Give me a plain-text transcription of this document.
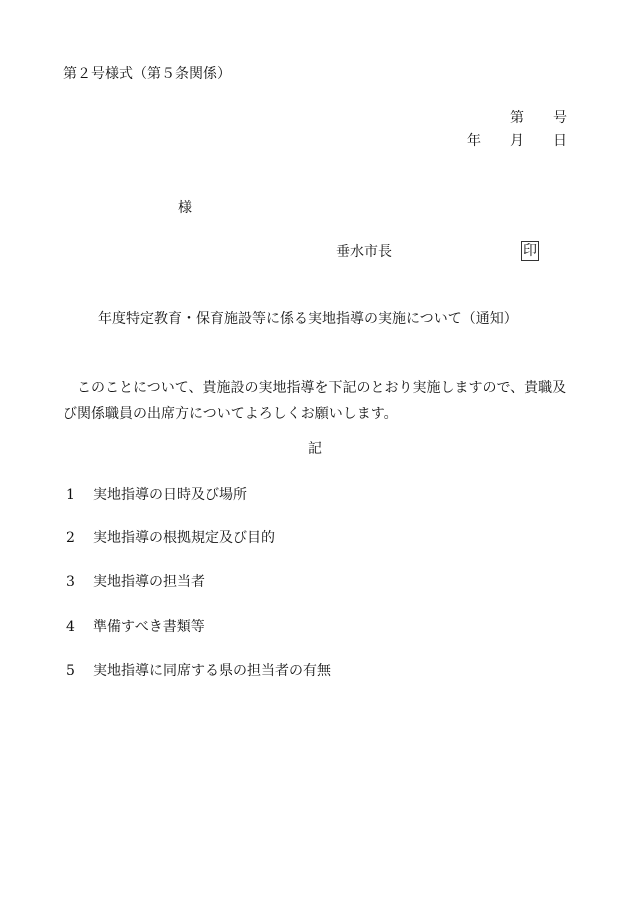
第２号様式（第５条関係）
第 号
年 月 日
様
垂水市長	印
年度特定教育・保育施設等に係る実地指導の実施について（通知）
このことについて、貴施設の実地指導を下記のとおり実施しますので、貴職及び関係職員の出席方についてよろしくお願いします。
記
1	実地指導の日時及び場所
2	実地指導の根拠規定及び目的
3	実地指導の担当者
4	準備すべき書類等
5	実地指導に同席する県の担当者の有無
